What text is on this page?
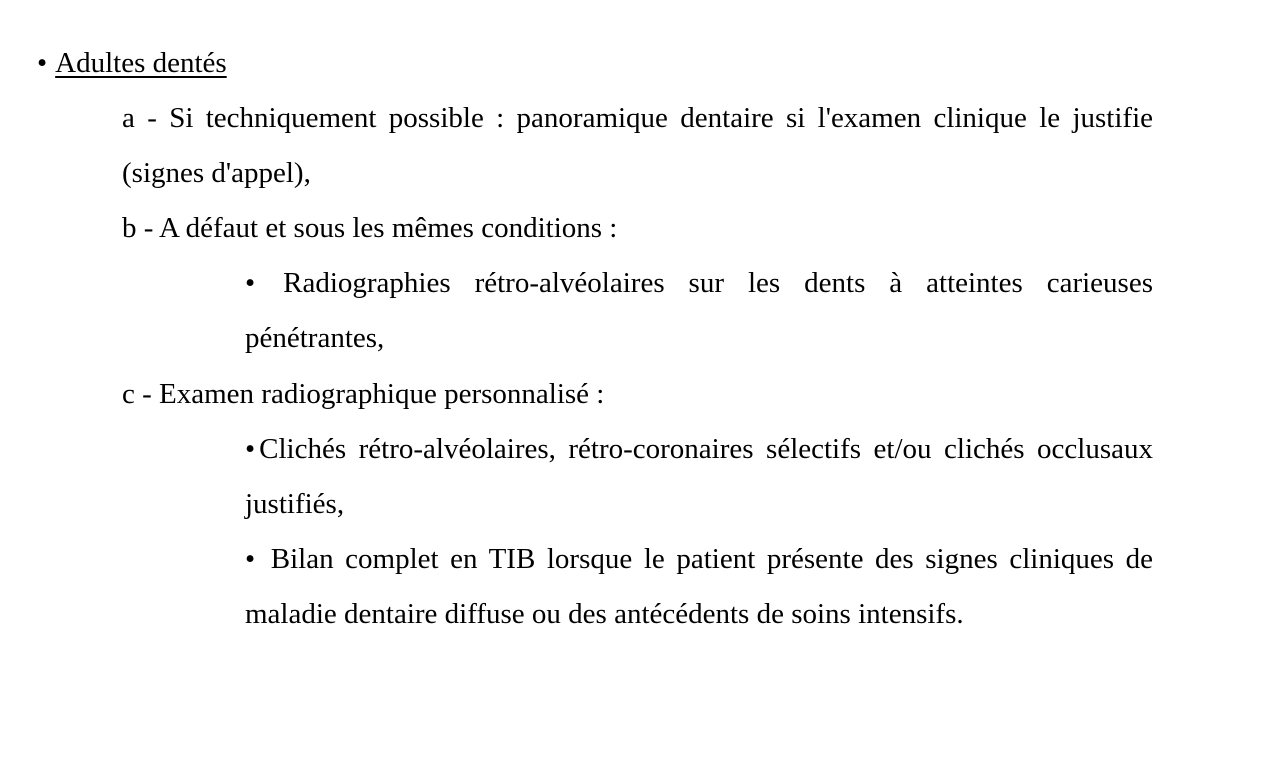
• Adultes dentés
a - Si techniquement possible : panoramique dentaire si l'examen clinique le justifie (signes d'appel),
b - A défaut et sous les mêmes conditions :
• Radiographies rétro-alvéolaires sur les dents à atteintes carieuses pénétrantes,
c - Examen radiographique personnalisé :
• Clichés rétro-alvéolaires, rétro-coronaires sélectifs et/ou clichés occlusaux justifiés,
• Bilan complet en TIB lorsque le patient présente des signes cliniques de maladie dentaire diffuse ou des antécédents de soins intensifs.
